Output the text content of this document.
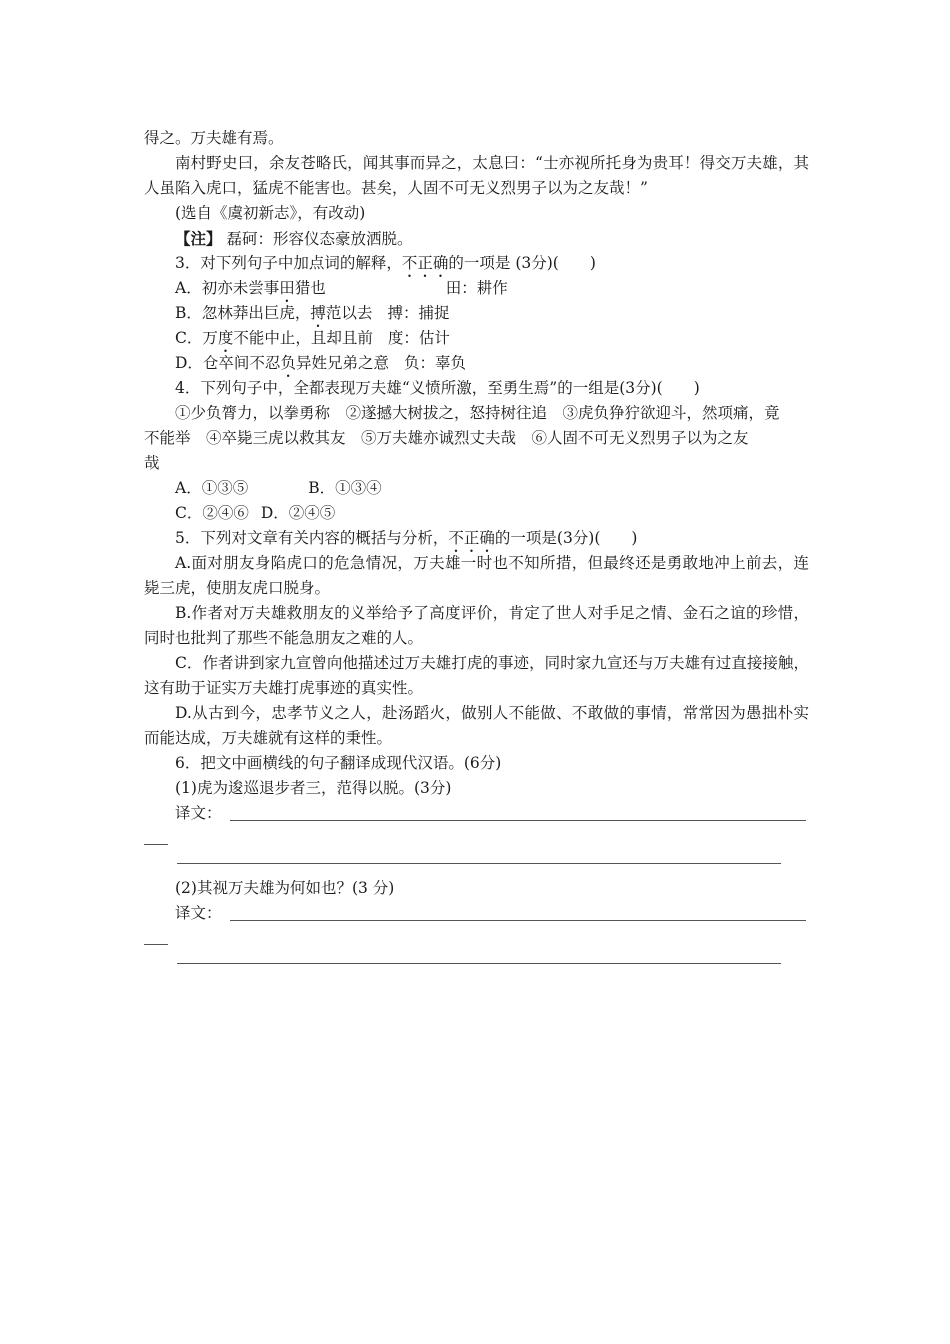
得之。万夫雄有焉。
南村野史曰，余友苍略氏，闻其事而异之，太息曰：“士亦视所托身为贵耳！得交万夫雄，其人虽陷入虎口，猛虎不能害也。甚矣，人固不可无义烈男子以为之友哉！”
(选自《虞初新志》，有改动)
【注】 磊砢：形容仪态豪放洒脱。
3．对下列句子中加点词的解释，不正确的一项是 (3分)(　　)
A．初亦未尝事田猎也	田：耕作
B．忽林莽出巨虎，搏范以去 搏：捕捉
C．万度不能中止，且却且前 度：估计
D．仓卒间不忍负异姓兄弟之意 负：辜负
4．下列句子中，全都表现万夫雄“义愤所激，至勇生焉”的一组是(3分)(　　)
①少负膂力，以拳勇称　②遂撼大树拔之，怒持树往追　③虎负狰狞欲迎斗，然项痛，竟
不能举　④卒毙三虎以救其友　⑤万夫雄亦诚烈丈夫哉　⑥人固不可无义烈男子以为之友
哉
A．①③⑤	B．①③④
C．②④⑥ D．②④⑤
5．下列对文章有关内容的概括与分析，不正确的一项是(3分)(　　)
A.面对朋友身陷虎口的危急情况，万夫雄一时也不知所措，但最终还是勇敢地冲上前去，连毙三虎，使朋友虎口脱身。
B.作者对万夫雄救朋友的义举给予了高度评价，肯定了世人对手足之情、金石之谊的珍惜，同时也批判了那些不能急朋友之难的人。
C．作者讲到家九宣曾向他描述过万夫雄打虎的事迹，同时家九宣还与万夫雄有过直接接触，这有助于证实万夫雄打虎事迹的真实性。
D.从古到今，忠孝节义之人，赴汤蹈火，做别人不能做、不敢做的事情，常常因为愚拙朴实而能达成，万夫雄就有这样的秉性。
6．把文中画横线的句子翻译成现代汉语。(6分)
(1)虎为逡巡退步者三，范得以脱。(3分)
译文：
(2)其视万夫雄为何如也？(3 分)
译文：
